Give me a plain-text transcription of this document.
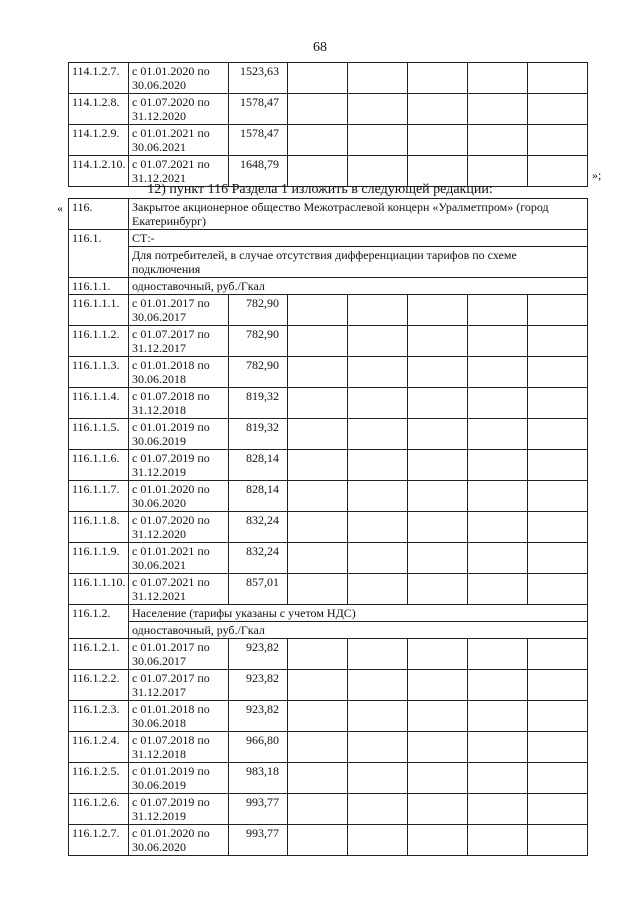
68
114.1.2.7.	с 01.01.2020 по 30.06.2020	1523,63					
114.1.2.8.	с 01.07.2020 по 31.12.2020	1578,47					
114.1.2.9.	с 01.01.2021 по 30.06.2021	1578,47					
114.1.2.10.	с 01.07.2021 по 31.12.2021	1648,79					
»;
12) пункт 116 Раздела 1 изложить в следующей редакции:
« 116.	Закрытое акционерное общество Межотраслевой концерн «Уралметпром» (город Екатеринбург)						
116.1.	СТ:-						
	Для потребителей, в случае отсутствия дифференциации тарифов по схеме подключения						
116.1.1.	одноставочный, руб./Гкал						
116.1.1.1.	с 01.01.2017 по 30.06.2017	782,90					
116.1.1.2.	с 01.07.2017 по 31.12.2017	782,90					
116.1.1.3.	с 01.01.2018 по 30.06.2018	782,90					
116.1.1.4.	с 01.07.2018 по 31.12.2018	819,32					
116.1.1.5.	с 01.01.2019 по 30.06.2019	819,32					
116.1.1.6.	с 01.07.2019 по 31.12.2019	828,14					
116.1.1.7.	с 01.01.2020 по 30.06.2020	828,14					
116.1.1.8.	с 01.07.2020 по 31.12.2020	832,24					
116.1.1.9.	с 01.01.2021 по 30.06.2021	832,24					
116.1.1.10.	с 01.07.2021 по 31.12.2021	857,01					
116.1.2.	Население (тарифы указаны с учетом НДС)						
	одноставочный, руб./Гкал						
116.1.2.1.	с 01.01.2017 по 30.06.2017	923,82					
116.1.2.2.	с 01.07.2017 по 31.12.2017	923,82					
116.1.2.3.	с 01.01.2018 по 30.06.2018	923,82					
116.1.2.4.	с 01.07.2018 по 31.12.2018	966,80					
116.1.2.5.	с 01.01.2019 по 30.06.2019	983,18					
116.1.2.6.	с 01.07.2019 по 31.12.2019	993,77					
116.1.2.7.	с 01.01.2020 по 30.06.2020	993,77					
